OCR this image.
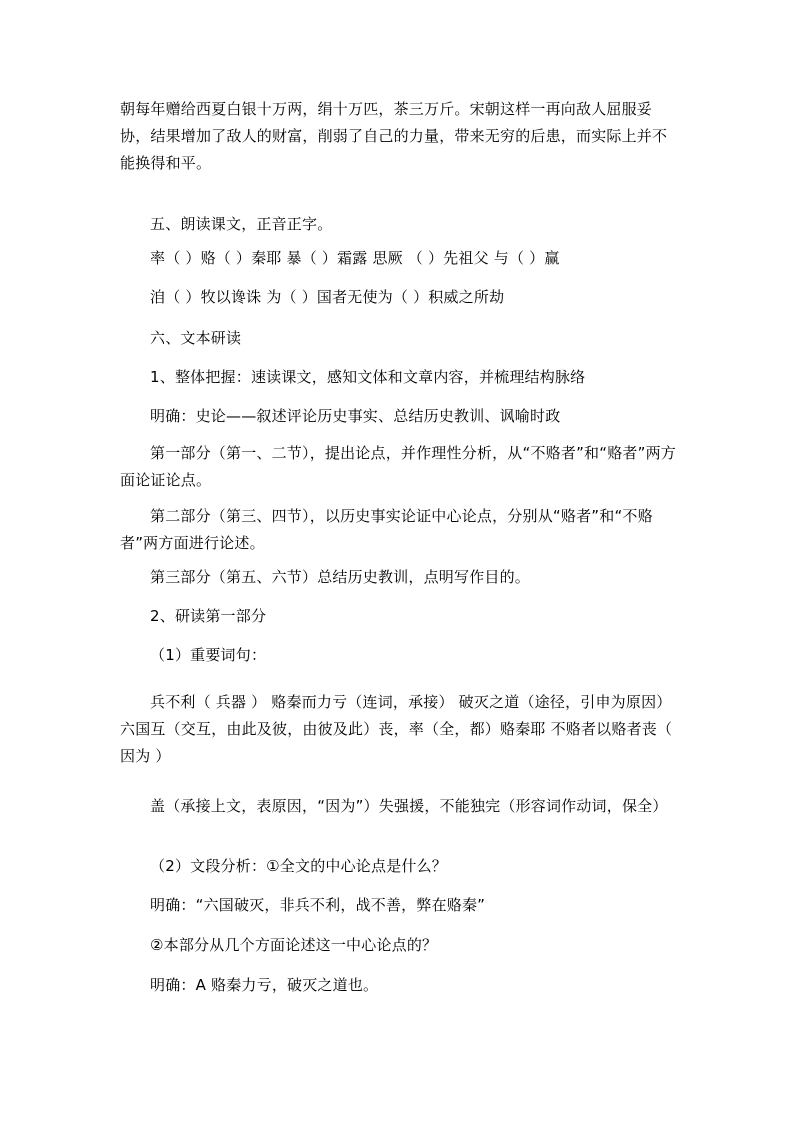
朝每年赠给西夏白银十万两，绢十万匹，茶三万斤。宋朝这样一再向敌人屈服妥协，结果增加了敌人的财富，削弱了自己的力量，带来无穷的后患，而实际上并不能换得和平。
五、朗读课文，正音正字。
率（ ）赂（ ）秦耶 暴（ ）霜露 思厥 （ ）先祖父 与（ ）赢
洎（ ）牧以谗诛 为（ ）国者无使为（ ）积威之所劫
六、文本研读
1、整体把握：速读课文，感知文体和文章内容，并梳理结构脉络
明确：史论——叙述评论历史事实、总结历史教训、讽喻时政
第一部分（第一、二节），提出论点，并作理性分析，从“不赂者”和“赂者”两方面论证论点。
第二部分（第三、四节），以历史事实论证中心论点，分别从“赂者”和“不赂者”两方面进行论述。
第三部分（第五、六节）总结历史教训，点明写作目的。
2、研读第一部分
（1）重要词句：
兵不利（ 兵器 ） 赂秦而力亏（连词，承接） 破灭之道（途径，引申为原因） 六国互（交互，由此及彼，由彼及此）丧，率（全，都）赂秦耶 不赂者以赂者丧（ 因为 ）
盖（承接上文，表原因，“因为”）失强援，不能独完（形容词作动词，保全）
（2）文段分析：①全文的中心论点是什么？
明确：“六国破灭，非兵不利，战不善，弊在赂秦”
②本部分从几个方面论述这一中心论点的？
明确：A 赂秦力亏，破灭之道也。
